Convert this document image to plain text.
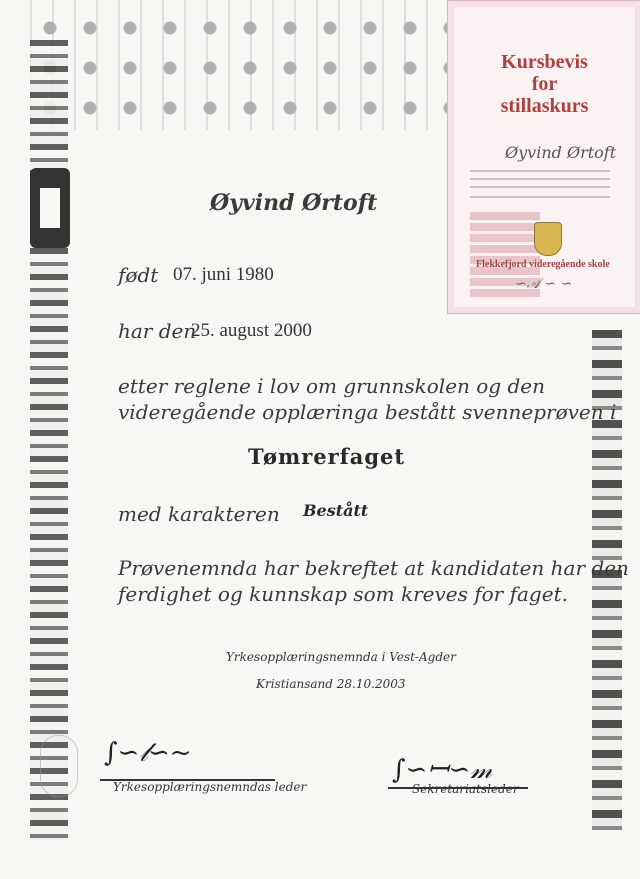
Øyvind Ørtoft
født 07. juni 1980
har den
25. august 2000
etter reglene i lov om grunnskolen og den
videregående opplæringa bestått svenneprøven i
Tømrerfaget
med karakteren Bestått
Prøvenemnda har bekreftet at kandidaten har den
ferdighet og kunnskap som kreves for faget.
Yrkesopplæringsnemnda i Vest-Agder
Kristiansand 28.10.2003
∫∽𝓁∽~
Yrkesopplæringsnemndas leder
∫∽ꟷ∽𝓂
Sekretariatsleder
Kursbevis
for
stillaskurs
Øyvind Ørtoft
Flekkefjord videregående skole
∽𝒜 ∽ ∽
